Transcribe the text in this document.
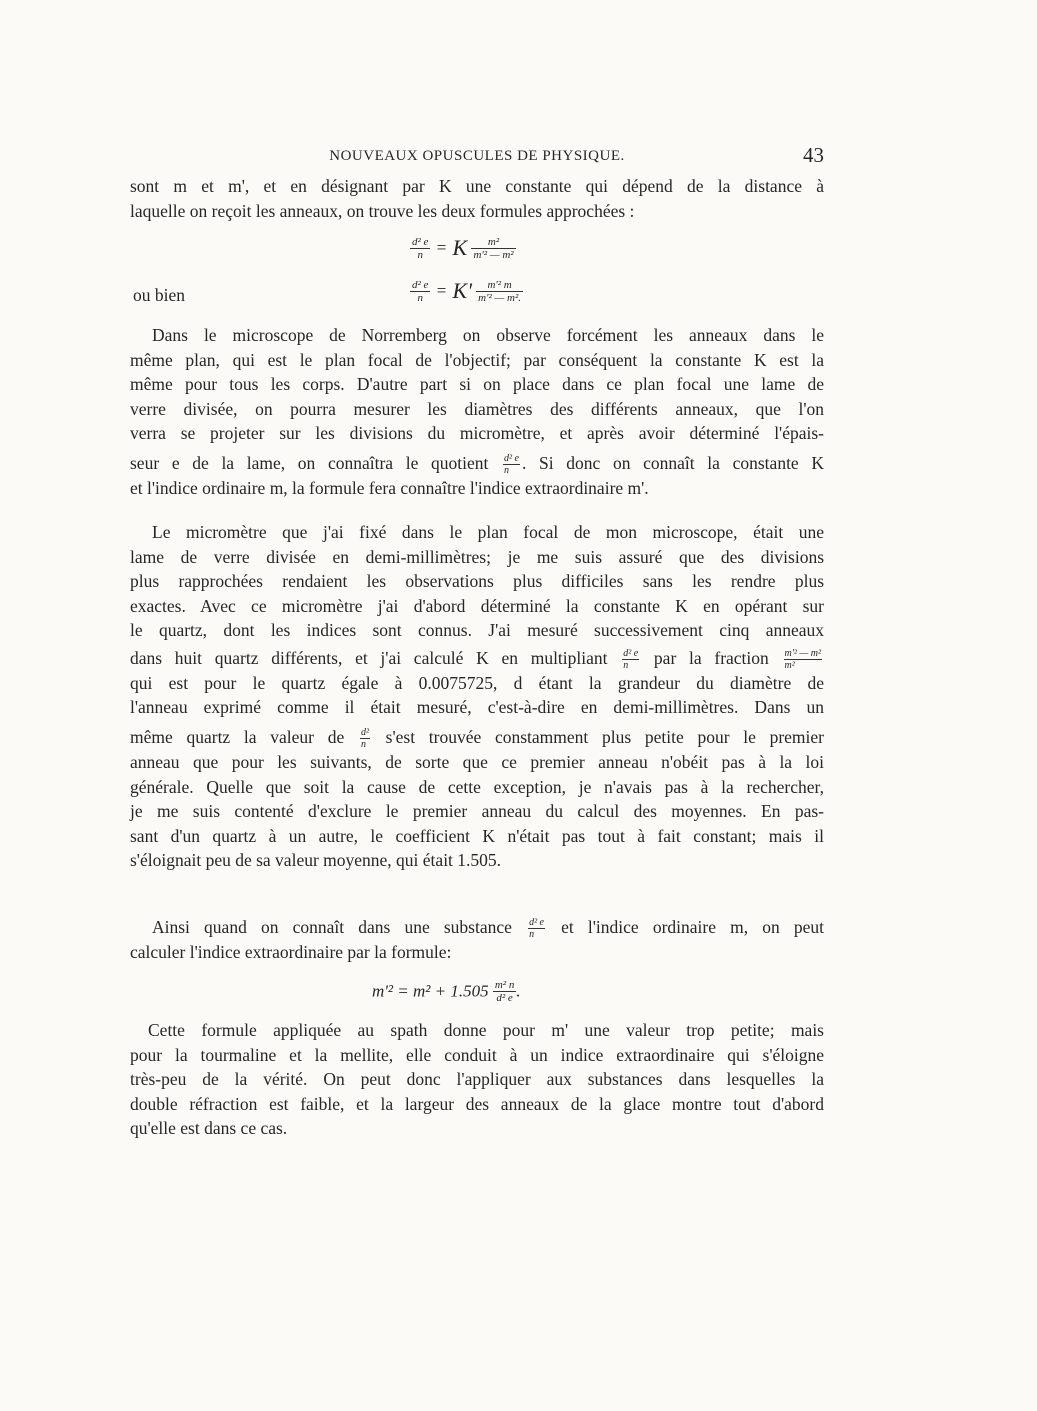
NOUVEAUX OPUSCULES DE PHYSIQUE.	43
sont m et m', et en désignant par K une constante qui dépend de la distance à
laquelle on reçoit les anneaux, on trouve les deux formules approchées :
$\frac{\text{d² e}}{n} = K \frac{\text{m²}}{\text{m'² — m²}}$
ou bien	$\frac{\text{d² e}}{n} = K' \frac{\text{m'² m}}{\text{m'² — m².}}$
Dans le microscope de Norremberg on observe forcément les anneaux dans le
même plan, qui est le plan focal de l'objectif; par conséquent la constante K est la
même pour tous les corps. D'autre part si on place dans ce plan focal une lame de
verre divisée, on pourra mesurer les diamètres des différents anneaux, que l'on
verra se projeter sur les divisions du micromètre, et après avoir déterminé l'épais-
seur e de la lame, on connaîtra le quotient $\frac{\text{d² e}}{n}$ . Si donc on connaît la constante K
et l'indice ordinaire m, la formule fera connaître l'indice extraordinaire m'.
Le micromètre que j'ai fixé dans le plan focal de mon microscope, était une
lame de verre divisée en demi-millimètres; je me suis assuré que des divisions
plus rapprochées rendaient les observations plus difficiles sans les rendre plus
exactes. Avec ce micromètre j'ai d'abord déterminé la constante K en opérant sur
le quartz, dont les indices sont connus. J'ai mesuré successivement cinq anneaux
dans huit quartz différents, et j'ai calculé K en multipliant $\frac{\text{d² e}}{n}$ par la fraction $\frac{\text{m'² — m²}}{\text{m²}}$
qui est pour le quartz égale à 0.0075725, d étant la grandeur du diamètre de
l'anneau exprimé comme il était mesuré, c'est-à-dire en demi-millimètres. Dans un
même quartz la valeur de $\frac{\text{d²}}{n} s'est$ trouvée constamment plus petite pour le premier
anneau que pour les suivants, de sorte que ce premier anneau n'obéit pas à la loi
générale. Quelle que soit la cause de cette exception, je n'avais pas à la rechercher,
je me suis contenté d'exclure le premier anneau du calcul des moyennes. En pas-
sant d'un quartz à un autre, le coefficient K n'était pas tout à fait constant; mais il
s'éloignait peu de sa valeur moyenne, qui était 1.505.
Ainsi quand on connaît dans une substance $\frac{\text{d² e}}{n}$ et l'indice ordinaire m, on peut
calculer l'indice extraordinaire par la formule:
$m'^2 = m^2 + 1.505 \frac{\text{m² n}}{\text{d² e}}$ .
Cette formule appliquée au spath donne pour m' une valeur trop petite; mais
pour la tourmaline et la mellite, elle conduit à un indice extraordinaire qui s'éloigne
très-peu de la vérité. On peut donc l'appliquer aux substances dans lesquelles la
double réfraction est faible, et la largeur des anneaux de la glace montre tout d'abord
qu'elle est dans ce cas.
